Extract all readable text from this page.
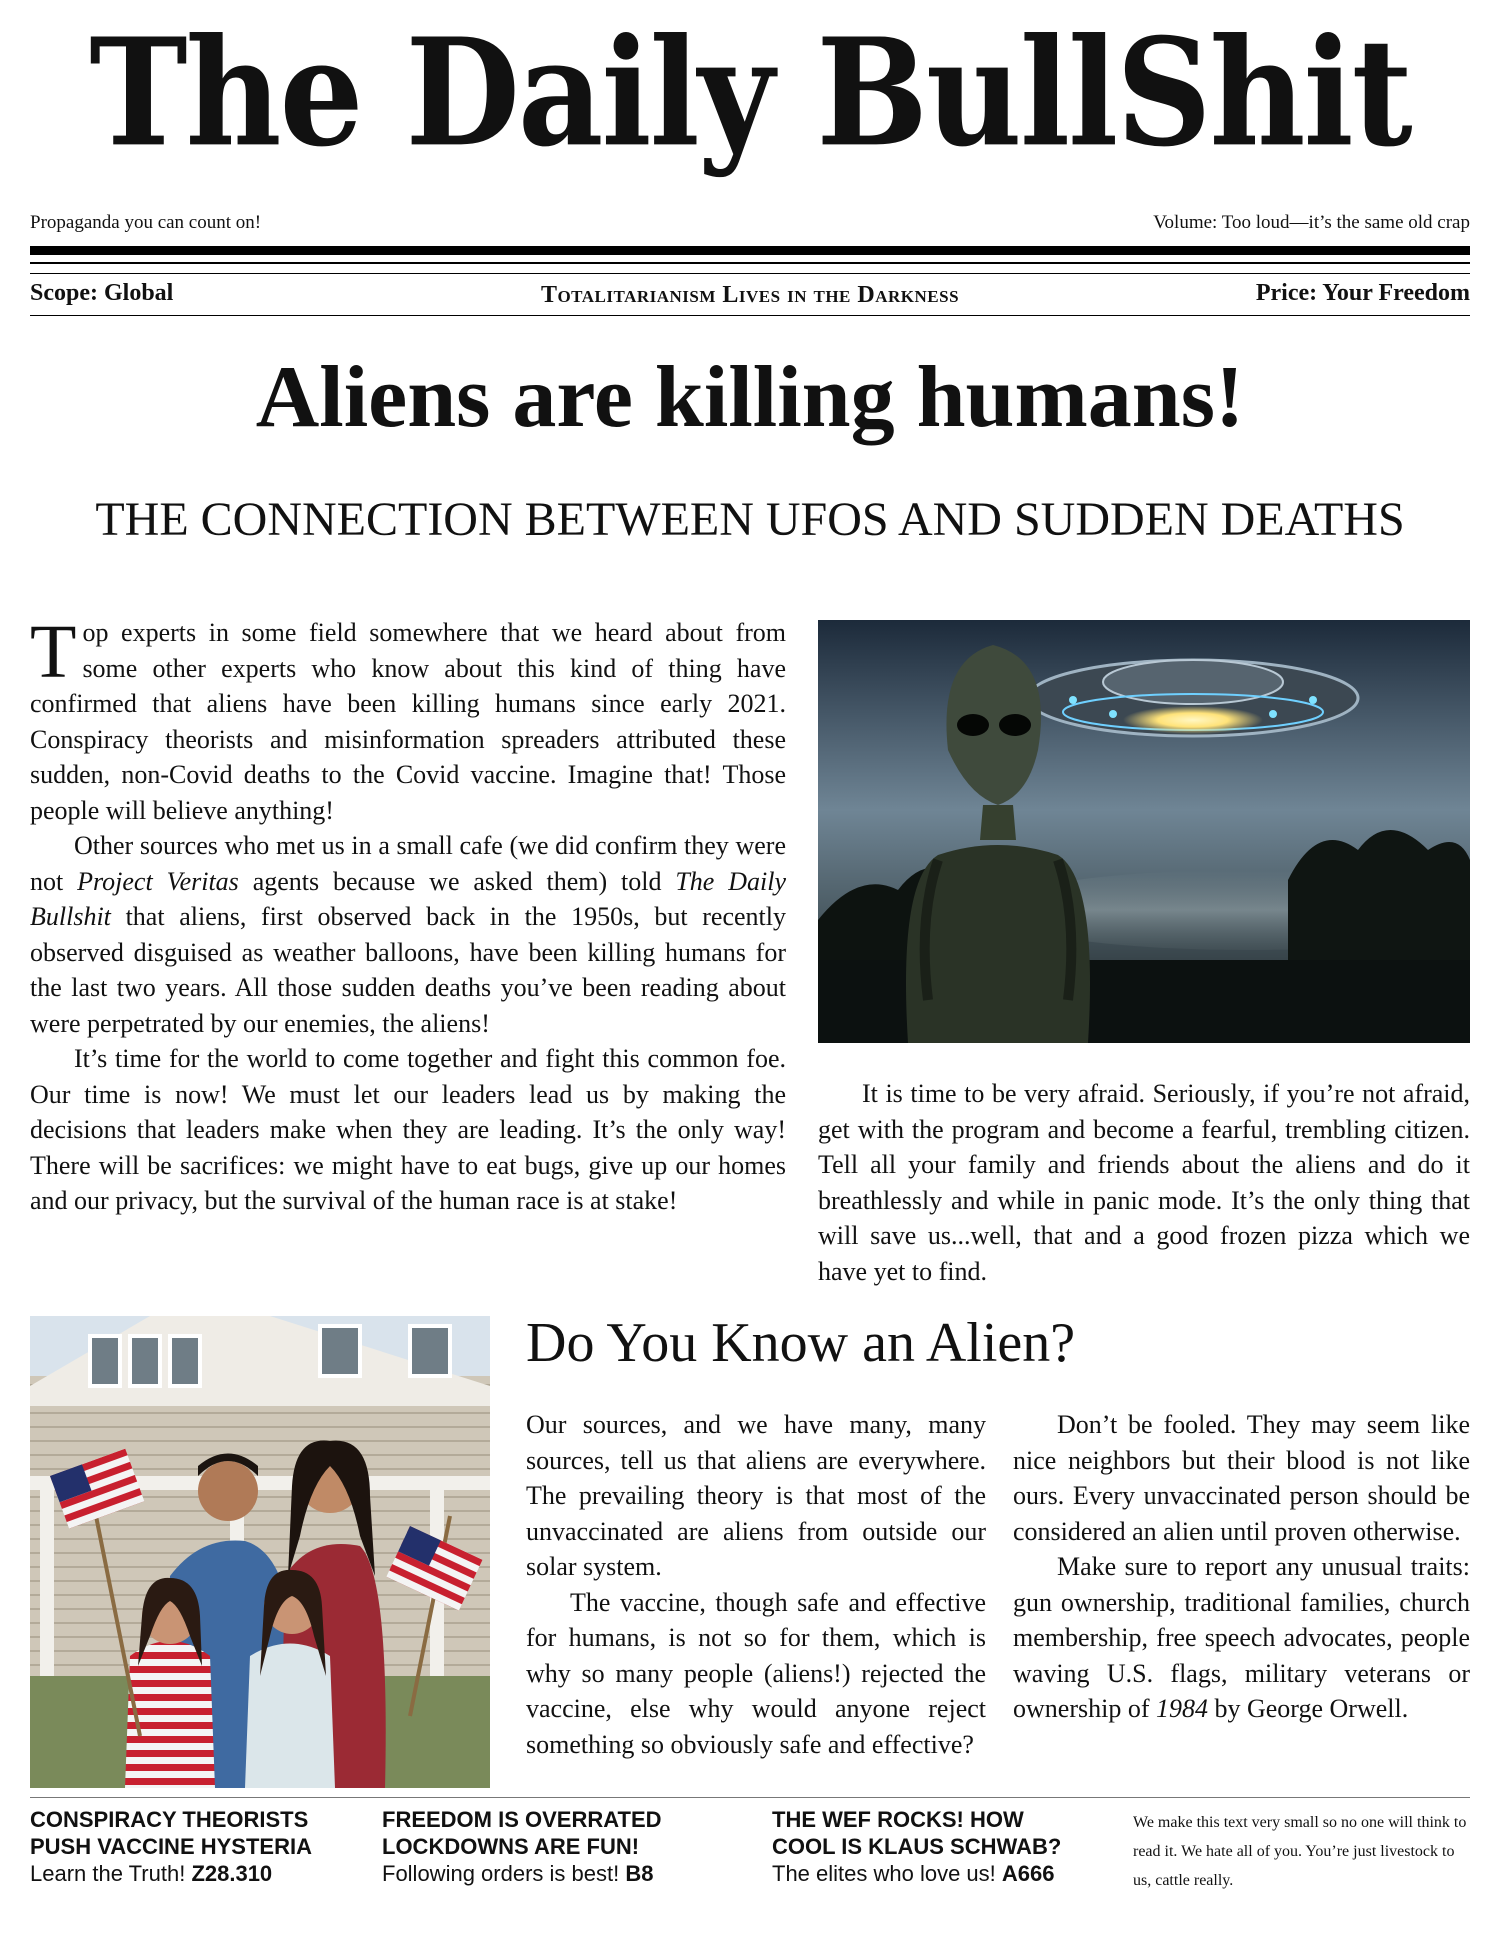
The Daily BullShit
Propaganda you can count on!	Volume: Too loud—it’s the same old crap
Scope: Global	Totalitarianism Lives in the Darkness	Price: Your Freedom
Aliens are killing humans!
THE CONNECTION BETWEEN UFOS AND SUDDEN DEATHS

Top experts in some field somewhere that we heard about from some other experts who know about this kind of thing have confirmed that aliens have been killing humans since early 2021. Conspiracy theorists and misinformation spreaders attributed these sudden, non-Covid deaths to the Covid vaccine. Imagine that! Those people will believe anything!

Other sources who met us in a small cafe (we did confirm they were not Project Veritas agents because we asked them) told The Daily Bullshit that aliens, first observed back in the 1950s, but recently observed disguised as weather balloons, have been killing humans for the last two years. All those sudden deaths you’ve been reading about were perpetrated by our enemies, the aliens!

It’s time for the world to come together and fight this common foe. Our time is now! We must let our leaders lead us by making the decisions that leaders make when they are leading. It’s the only way! There will be sacrifices: we might have to eat bugs, give up our homes and our privacy, but the survival of the human race is at stake!

It is time to be very afraid. Seriously, if you’re not afraid, get with the program and become a fearful, trembling citizen. Tell all your family and friends about the aliens and do it breathlessly and while in panic mode. It’s the only thing that will save us...well, that and a good frozen pizza which we have yet to find.

Do You Know an Alien?

Our sources, and we have many, many sources, tell us that aliens are everywhere. The prevailing theory is that most of the unvaccinated are aliens from outside our solar system.

The vaccine, though safe and effective for humans, is not so for them, which is why so many people (aliens!) rejected the vaccine, else why would anyone reject something so obviously safe and effective?

Don’t be fooled. They may seem like nice neighbors but their blood is not like ours. Every unvaccinated person should be considered an alien until proven otherwise.

Make sure to report any unusual traits: gun ownership, traditional families, church membership, free speech advocates, people waving U.S. flags, military veterans or ownership of 1984 by George Orwell.

CONSPIRACY THEORISTS
PUSH VACCINE HYSTERIA
Learn the Truth! Z28.310
FREEDOM IS OVERRATED
LOCKDOWNS ARE FUN!
Following orders is best! B8
THE WEF ROCKS! HOW
COOL IS KLAUS SCHWAB?
The elites who love us! A666
We make this text very small so no one will think to read it. We hate all of you. You’re just livestock to us, cattle really.
